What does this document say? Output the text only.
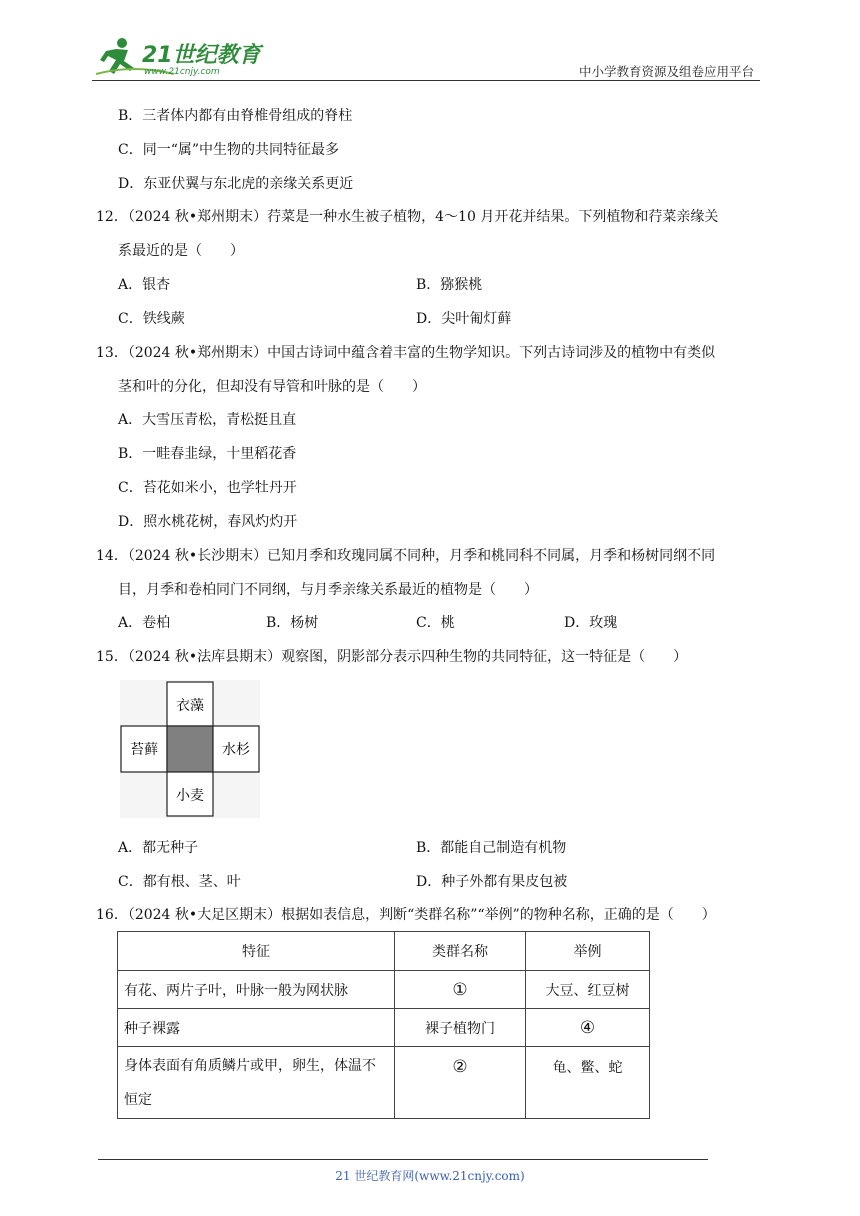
21世纪教育
www.21cnjy.com	中小学教育资源及组卷应用平台
B．三者体内都有由脊椎骨组成的脊柱
C．同一“属”中生物的共同特征最多
D．东亚伏翼与东北虎的亲缘关系更近
12．（2024 秋•郑州期末）荇菜是一种水生被子植物，4～10 月开花并结果。下列植物和荇菜亲缘关
系最近的是（　　）
A．银杏	B．猕猴桃
C．铁线蕨	D．尖叶匍灯藓
13．（2024 秋•郑州期末）中国古诗词中蕴含着丰富的生物学知识。下列古诗词涉及的植物中有类似
茎和叶的分化，但却没有导管和叶脉的是（　　）
A．大雪压青松，青松挺且直
B．一畦春韭绿，十里稻花香
C．苔花如米小，也学牡丹开
D．照水桃花树，春风灼灼开
14．（2024 秋•长沙期末）已知月季和玫瑰同属不同种，月季和桃同科不同属，月季和杨树同纲不同
目，月季和卷柏同门不同纲，与月季亲缘关系最近的植物是（　　）
A．卷柏	B．杨树	C．桃	D．玫瑰
15．（2024 秋•法库县期末）观察图，阴影部分表示四种生物的共同特征，这一特征是（　　）
衣藻
苔藓	水杉
小麦
A．都无种子	B．都能自己制造有机物
C．都有根、茎、叶	D．种子外都有果皮包被
16．（2024 秋•大足区期末）根据如表信息，判断“类群名称”“举例”的物种名称，正确的是（　　）
特征	类群名称	举例
有花、两片子叶，叶脉一般为网状脉	①	大豆、红豆树
种子裸露	裸子植物门	④

身体表面有角质鳞片或甲，卵生，体温不
恒定	②	龟、鳖、蛇
21 世纪教育网(www.21cnjy.com)
